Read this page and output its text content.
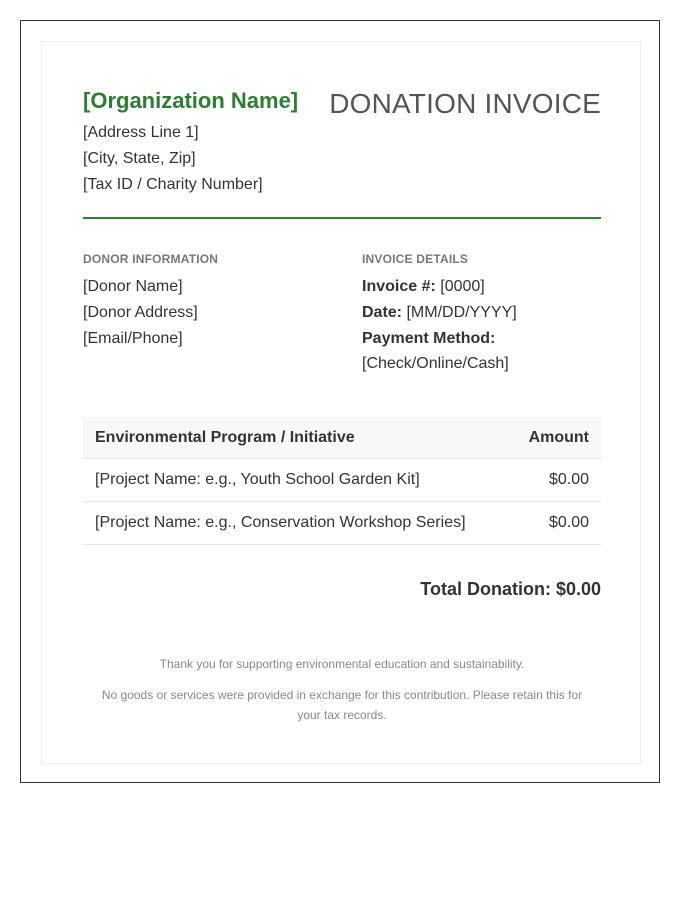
[Organization Name] DONATION INVOICE
[Address Line 1]
[City, State, Zip]
[Tax ID / Charity Number]
DONOR INFORMATION
[Donor Name]
[Donor Address]
[Email/Phone]
INVOICE DETAILS
Invoice #: [0000]
Date: [MM/DD/YYYY]
Payment Method:
[Check/Online/Cash]
Environmental Program / Initiative	Amount
[Project Name: e.g., Youth School Garden Kit]	$0.00
[Project Name: e.g., Conservation Workshop Series]	$0.00
Total Donation: $0.00
Thank you for supporting environmental education and sustainability.
No goods or services were provided in exchange for this contribution. Please retain this for your tax records.
